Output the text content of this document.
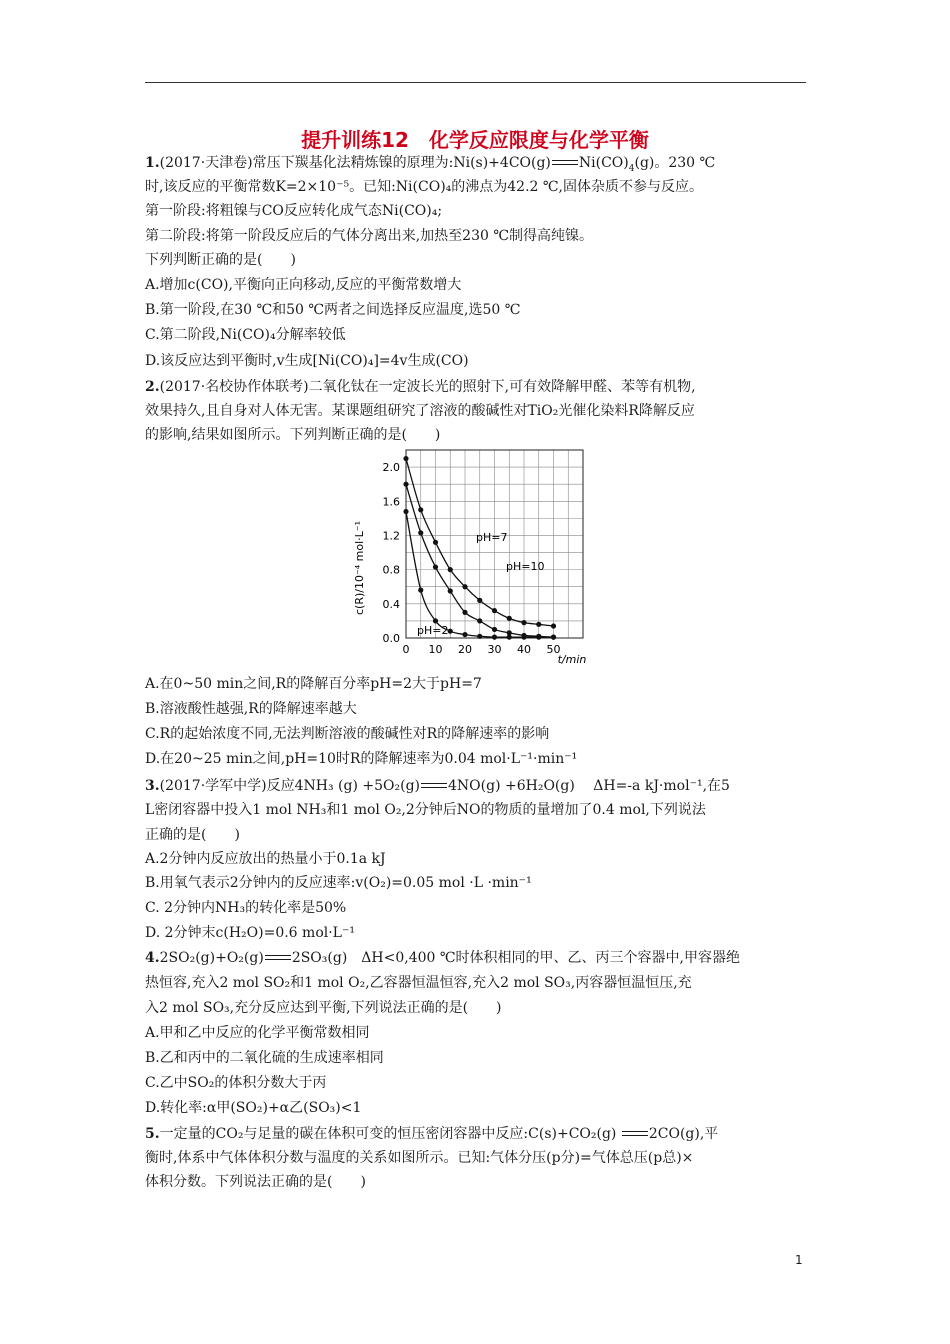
提升训练12　化学反应限度与化学平衡
1.(2017·天津卷)常压下羰基化法精炼镍的原理为:Ni(s)+4CO(g) $Ni(CO)_4(g)$。230 ℃
时,该反应的平衡常数K=2×10⁻⁵。已知:Ni(CO)₄的沸点为42.2 ℃,固体杂质不参与反应。
第一阶段:将粗镍与CO反应转化成气态Ni(CO)₄;
第二阶段:将第一阶段反应后的气体分离出来,加热至230 ℃制得高纯镍。
下列判断正确的是(　　)
A.增加c(CO),平衡向正向移动,反应的平衡常数增大
B.第一阶段,在30 ℃和50 ℃两者之间选择反应温度,选50 ℃
C.第二阶段,Ni(CO)₄分解率较低
D.该反应达到平衡时,v生成[Ni(CO)₄]=4v生成(CO)
2.(2017·名校协作体联考)二氧化钛在一定波长光的照射下,可有效降解甲醛、苯等有机物,
效果持久,且自身对人体无害。某课题组研究了溶液的酸碱性对TiO₂光催化染料R降解反应
的影响,结果如图所示。下列判断正确的是(　　)
0.0
0.4
0.8
1.2
1.6
2.0
0 10 20 30 40 50
c(R)/10⁻⁴ mol·L⁻¹
t/min
pH=7
pH=10
pH=2
A.在0~50 min之间,R的降解百分率pH=2大于pH=7
B.溶液酸性越强,R的降解速率越大
C.R的起始浓度不同,无法判断溶液的酸碱性对R的降解速率的影响
D.在20~25 min之间,pH=10时R的降解速率为0.04 mol·L⁻¹·min⁻¹
3.(2017·学军中学)反应4NH₃ (g) +5O₂(g) 4NO(g) +6H₂O(g)　 ΔH=-a kJ·mol⁻¹,在5
L密闭容器中投入1 mol NH₃和1 mol O₂,2分钟后NO的物质的量增加了0.4 mol,下列说法
正确的是(　　)
A.2分钟内反应放出的热量小于0.1a kJ
B.用氧气表示2分钟内的反应速率:v(O₂)=0.05 mol ·L ·min⁻¹
C. 2分钟内NH₃的转化率是50%
D. 2分钟末c(H₂O)=0.6 mol·L⁻¹
4.2SO₂(g)+O₂(g) 2SO₃(g)　ΔH<0,400 ℃时体积相同的甲、乙、丙三个容器中,甲容器绝
热恒容,充入2 mol SO₂和1 mol O₂,乙容器恒温恒容,充入2 mol SO₃,丙容器恒温恒压,充
入2 mol SO₃,充分反应达到平衡,下列说法正确的是(　　)
A.甲和乙中反应的化学平衡常数相同
B.乙和丙中的二氧化硫的生成速率相同
C.乙中SO₂的体积分数大于丙
D.转化率:α甲(SO₂)+α乙(SO₃)<1
5.一定量的CO₂与足量的碳在体积可变的恒压密闭容器中反应:C(s)+CO₂(g) 2CO(g),平
衡时,体系中气体体积分数与温度的关系如图所示。已知:气体分压(p分)=气体总压(p总)×
体积分数。下列说法正确的是(　　)
1
